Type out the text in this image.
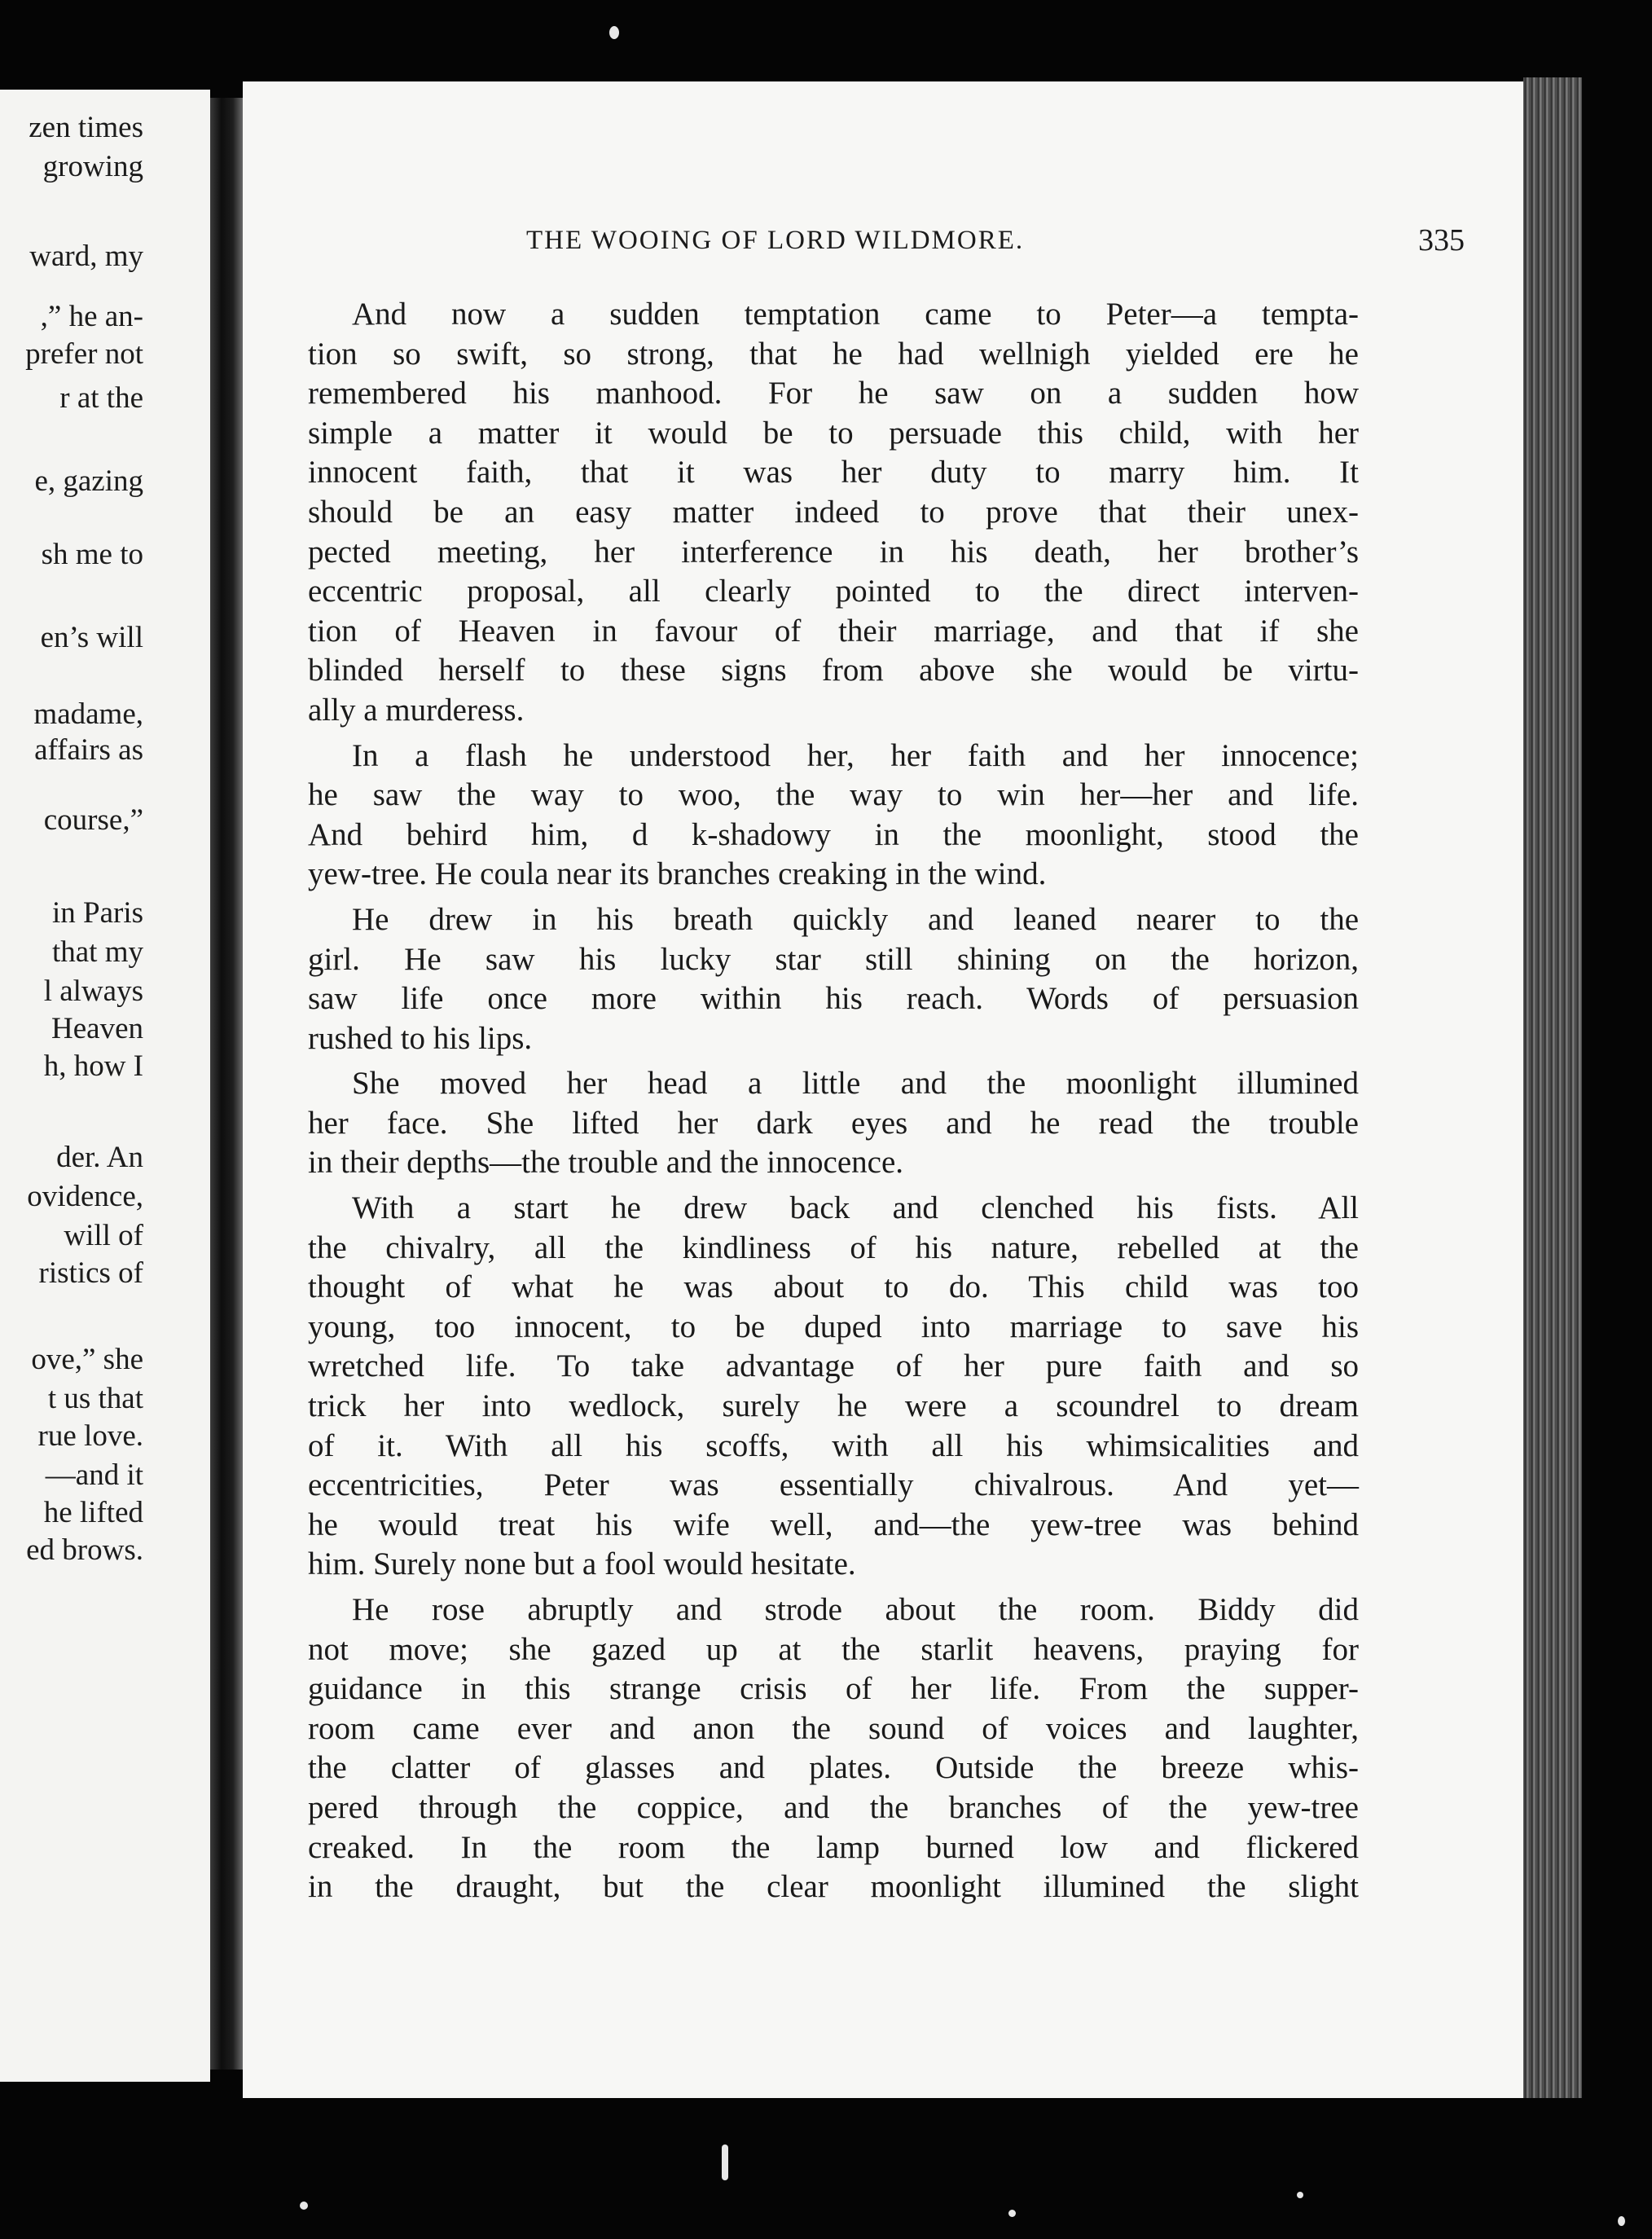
zen times
growing
ward, my
,” he an-
prefer not
r at the
e, gazing
sh me to
en’s will
madame,
affairs as
course,”
in Paris
that my
l always
Heaven
h, how I
der. An
ovidence,
will of
ristics of
ove,” she
t us that
rue love.
—and it
he lifted
ed brows.
THE WOOING OF LORD WILDMORE.	335
And now a sudden temptation came to Peter—a tempta-
tion so swift, so strong, that he had wellnigh yielded ere he
remembered his manhood. For he saw on a sudden how
simple a matter it would be to persuade this child, with her
innocent faith, that it was her duty to marry him. It
should be an easy matter indeed to prove that their unex-
pected meeting, her interference in his death, her brother’s
eccentric proposal, all clearly pointed to the direct interven-
tion of Heaven in favour of their marriage, and that if she
blinded herself to these signs from above she would be virtu-
ally a murderess.
In a flash he understood her, her faith and her innocence;
he saw the way to woo, the way to win her—her and life.
And behird him, d k-shadowy in the moonlight, stood the
yew-tree. He coula near its branches creaking in the wind.
He drew in his breath quickly and leaned nearer to the
girl. He saw his lucky star still shining on the horizon,
saw life once more within his reach. Words of persuasion
rushed to his lips.
She moved her head a little and the moonlight illumined
her face. She lifted her dark eyes and he read the trouble
in their depths—the trouble and the innocence.
With a start he drew back and clenched his fists. All
the chivalry, all the kindliness of his nature, rebelled at the
thought of what he was about to do. This child was too
young, too innocent, to be duped into marriage to save his
wretched life. To take advantage of her pure faith and so
trick her into wedlock, surely he were a scoundrel to dream
of it. With all his scoffs, with all his whimsicalities and
eccentricities, Peter was essentially chivalrous. And yet—
he would treat his wife well, and—the yew-tree was behind
him. Surely none but a fool would hesitate.
He rose abruptly and strode about the room. Biddy did
not move; she gazed up at the starlit heavens, praying for
guidance in this strange crisis of her life. From the supper-
room came ever and anon the sound of voices and laughter,
the clatter of glasses and plates. Outside the breeze whis-
pered through the coppice, and the branches of the yew-tree
creaked. In the room the lamp burned low and flickered
in the draught, but the clear moonlight illumined the slight
